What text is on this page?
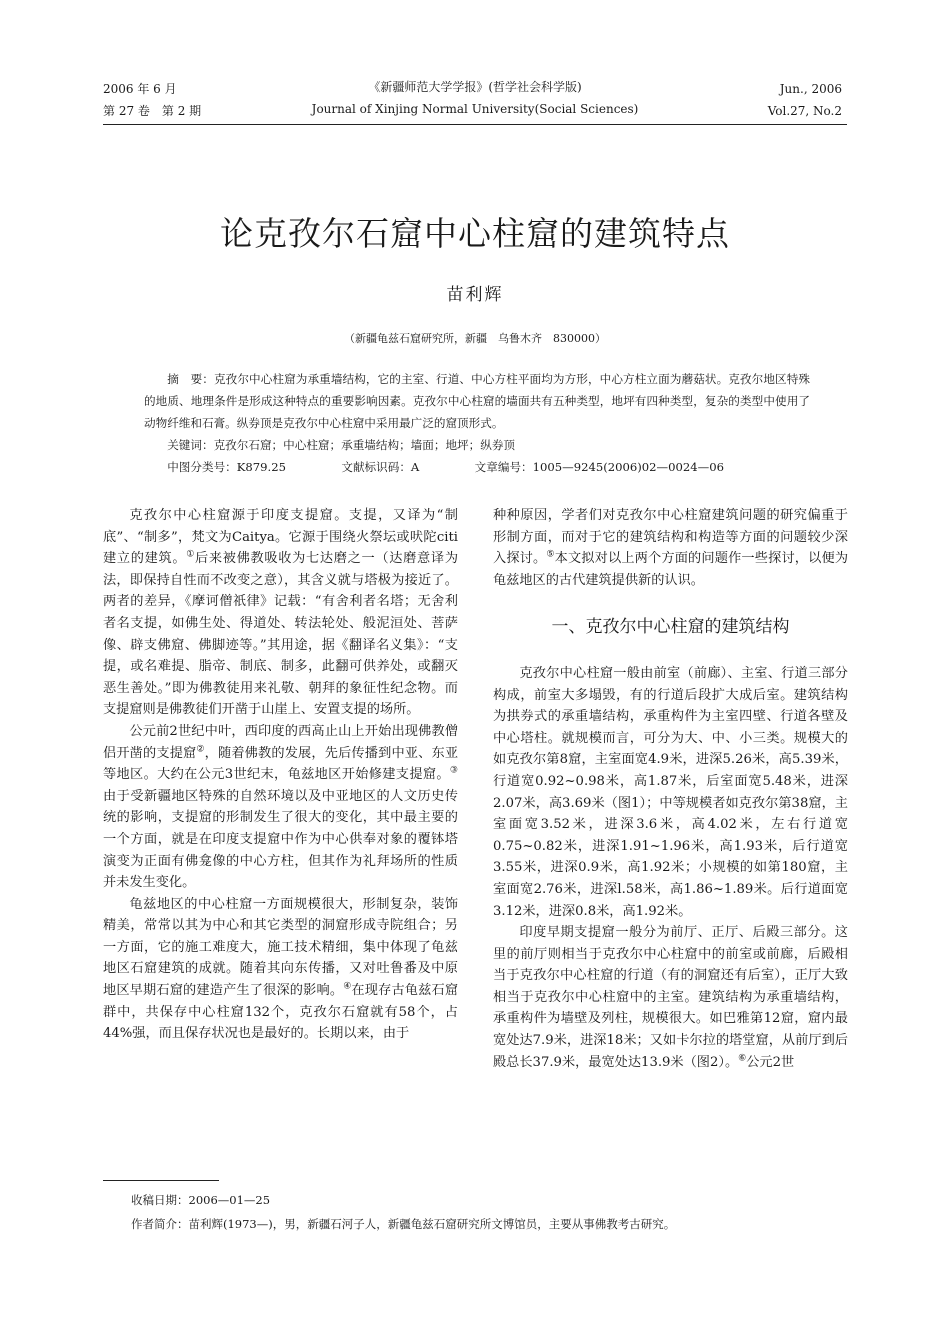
2006 年 6 月
第 27 卷　第 2 期
《新疆师范大学学报》(哲学社会科学版)
Journal of Xinjing Normal University(Social Sciences)
Jun., 2006
Vol.27, No.2
论克孜尔石窟中心柱窟的建筑特点
苗利辉
（新疆龟兹石窟研究所，新疆　乌鲁木齐　830000）

摘　要：克孜尔中心柱窟为承重墙结构，它的主室、行道、中心方柱平面均为方形，中心方柱立面为蘑菇状。克孜尔地区特殊的地质、地理条件是形成这种特点的重要影响因素。克孜尔中心柱窟的墙面共有五种类型，地坪有四种类型，复杂的类型中使用了动物纤维和石膏。纵券顶是克孜尔中心柱窟中采用最广泛的窟顶形式。

关键词：克孜尔石窟；中心柱窟；承重墙结构；墙面；地坪；纵券顶

中图分类号：K879.25	文献标识码：A	文章编号：1005—9245(2006)02—0024—06

克孜尔中心柱窟源于印度支提窟。支提，又译为“制底”、“制多”，梵文为Caitya。它源于围绕火祭坛或吠陀citi建立的建筑。①后来被佛教吸收为七达磨之一（达磨意译为法，即保持自性而不改变之意），其含义就与塔极为接近了。两者的差异，《摩诃僧祇律》记载：“有舍利者名塔；无舍利者名支提，如佛生处、得道处、转法轮处、般泥洹处、菩萨像、辟支佛窟、佛脚迹等。”其用途，据《翻译名义集》：“支提，或名难提、脂帝、制底、制多，此翻可供养处，或翻灭恶生善处。”即为佛教徒用来礼敬、朝拜的象征性纪念物。而支提窟则是佛教徒们开凿于山崖上、安置支提的场所。

公元前2世纪中叶，西印度的西高止山上开始出现佛教僧侣开凿的支提窟②，随着佛教的发展，先后传播到中亚、东亚等地区。大约在公元3世纪末，龟兹地区开始修建支提窟。③由于受新疆地区特殊的自然环境以及中亚地区的人文历史传统的影响，支提窟的形制发生了很大的变化，其中最主要的一个方面，就是在印度支提窟中作为中心供奉对象的覆钵塔演变为正面有佛龛像的中心方柱，但其作为礼拜场所的性质并未发生变化。

龟兹地区的中心柱窟一方面规模很大，形制复杂，装饰精美，常常以其为中心和其它类型的洞窟形成寺院组合；另一方面，它的施工难度大，施工技术精细，集中体现了龟兹地区石窟建筑的成就。随着其向东传播，又对吐鲁番及中原地区早期石窟的建造产生了很深的影响。④在现存古龟兹石窟群中，共保存中心柱窟132个，克孜尔石窟就有58个，占44%强，而且保存状况也是最好的。长期以来，由于

种种原因，学者们对克孜尔中心柱窟建筑问题的研究偏重于形制方面，而对于它的建筑结构和构造等方面的问题较少深入探讨。⑤本文拟对以上两个方面的问题作一些探讨，以便为龟兹地区的古代建筑提供新的认识。

一、克孜尔中心柱窟的建筑结构

克孜尔中心柱窟一般由前室（前廊）、主室、行道三部分构成，前室大多塌毁，有的行道后段扩大成后室。建筑结构为拱券式的承重墙结构，承重构件为主室四壁、行道各壁及中心塔柱。就规模而言，可分为大、中、小三类。规模大的如克孜尔第8窟，主室面宽4.9米，进深5.26米，高5.39米，行道宽0.92~0.98米，高1.87米，后室面宽5.48米，进深2.07米，高3.69米（图1）；中等规模者如克孜尔第38窟，主室面宽3.52米，进深3.6米，高4.02米，左右行道宽0.75~0.82米，进深1.91~1.96米，高1.93米，后行道宽3.55米，进深0.9米，高1.92米；小规模的如第180窟，主室面宽2.76米，进深l.58米，高1.86~1.89米。后行道面宽3.12米，进深0.8米，高1.92米。

印度早期支提窟一般分为前厅、正厅、后殿三部分。这里的前厅则相当于克孜尔中心柱窟中的前室或前廊，后殿相当于克孜尔中心柱窟的行道（有的洞窟还有后室），正厅大致相当于克孜尔中心柱窟中的主室。建筑结构为承重墙结构，承重构件为墙壁及列柱，规模很大。如巴雅第12窟，窟内最宽处达7.9米，进深18米；又如卡尔拉的塔堂窟，从前厅到后殿总长37.9米，最宽处达13.9米（图2）。⑥公元2世

收稿日期：2006—01—25
作者简介：苗利辉(1973—)，男，新疆石河子人，新疆龟兹石窟研究所文博馆员，主要从事佛教考古研究。
